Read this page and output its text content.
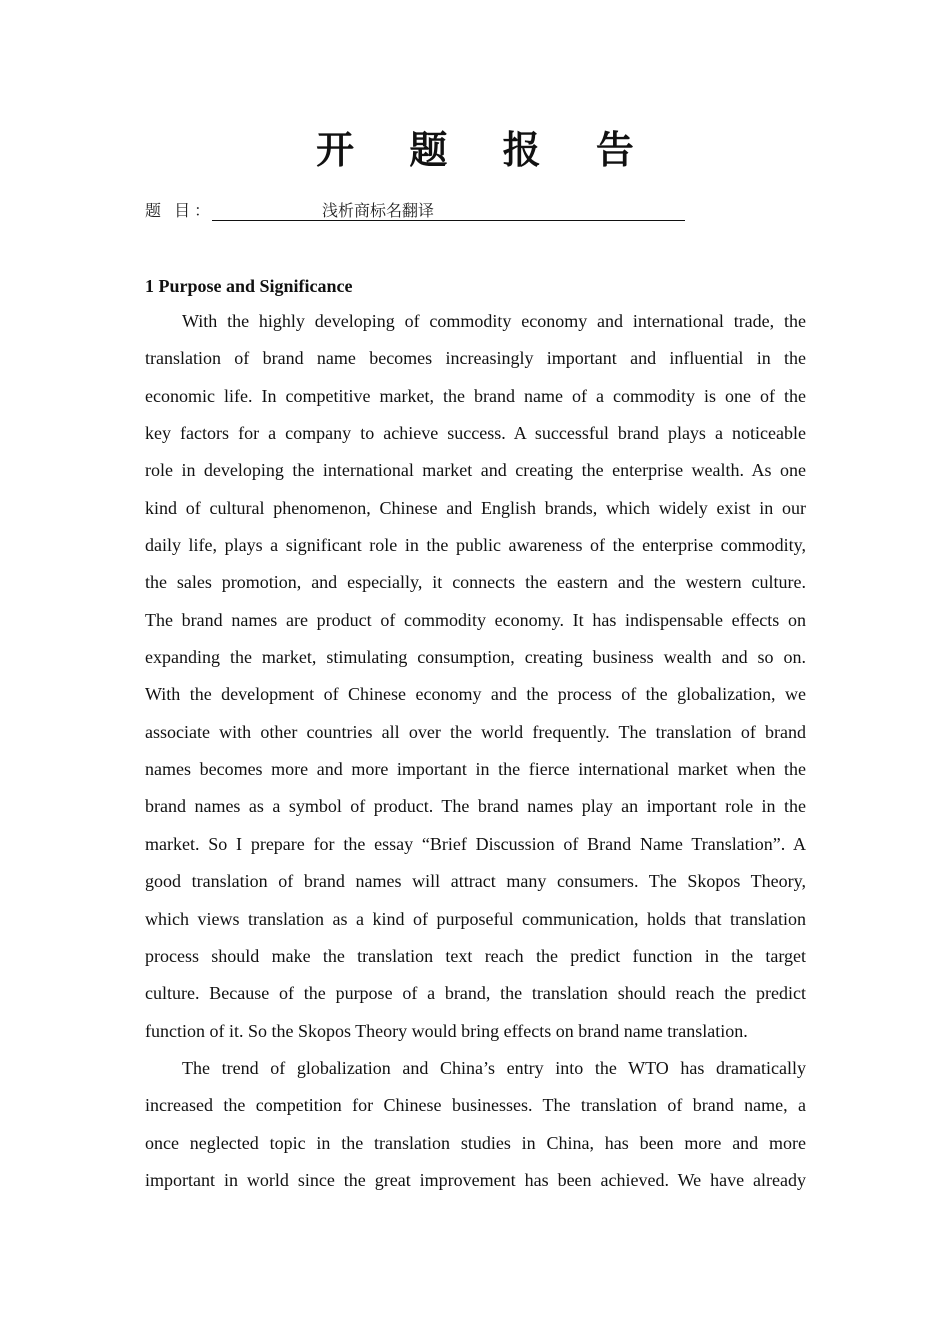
开 题 报 告
题 目：	浅析商标名翻译
1 Purpose and Significance
With the highly developing of commodity economy and international trade, the
translation of brand name becomes increasingly important and influential in the
economic life. In competitive market, the brand name of a commodity is one of the
key factors for a company to achieve success. A successful brand plays a noticeable
role in developing the international market and creating the enterprise wealth. As one
kind of cultural phenomenon, Chinese and English brands, which widely exist in our
daily life, plays a significant role in the public awareness of the enterprise commodity,
the sales promotion, and especially, it connects the eastern and the western culture.
The brand names are product of commodity economy. It has indispensable effects on
expanding the market, stimulating consumption, creating business wealth and so on.
With the development of Chinese economy and the process of the globalization, we
associate with other countries all over the world frequently. The translation of brand
names becomes more and more important in the fierce international market when the
brand names as a symbol of product. The brand names play an important role in the
market. So I prepare for the essay “Brief Discussion of Brand Name Translation”. A
good translation of brand names will attract many consumers. The Skopos Theory,
which views translation as a kind of purposeful communication, holds that translation
process should make the translation text reach the predict function in the target
culture. Because of the purpose of a brand, the translation should reach the predict
function of it. So the Skopos Theory would bring effects on brand name translation.
The trend of globalization and China’s entry into the WTO has dramatically
increased the competition for Chinese businesses. The translation of brand name, a
once neglected topic in the translation studies in China, has been more and more
important in world since the great improvement has been achieved. We have already
